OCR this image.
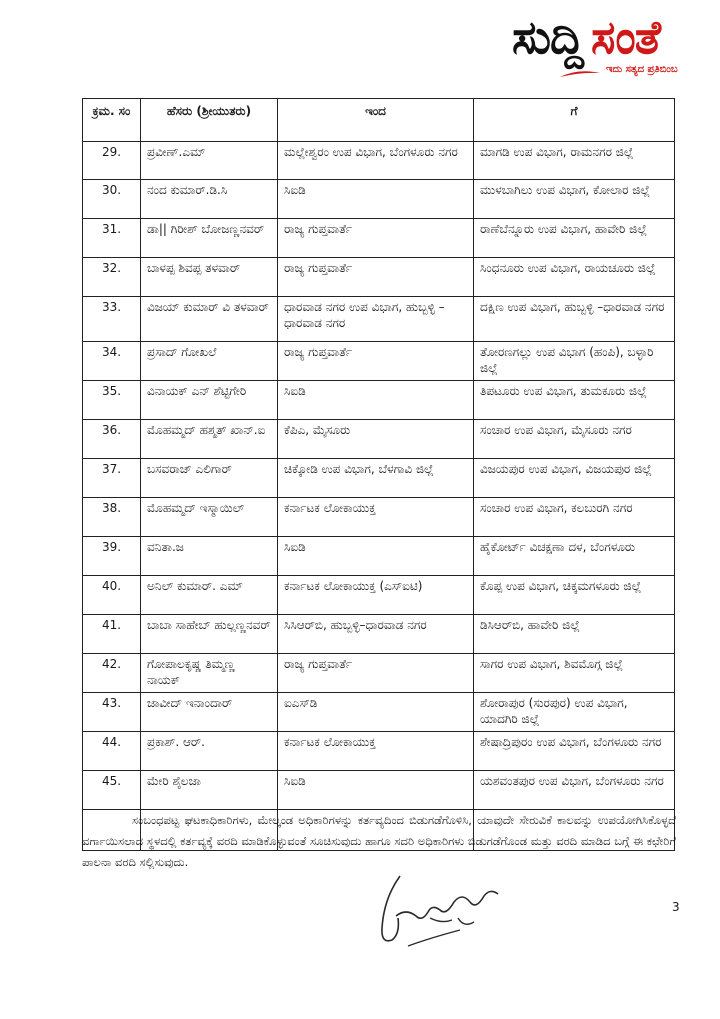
ಸುದ್ದಿ ಸಂತೆ
ಇದು ಸತ್ಯದ ಪ್ರತಿಬಿಂಬ
ಕ್ರಮ. ಸಂ	ಹೆಸರು (ಶ್ರೀಯುತರು)	ಇಂದ	ಗೆ
29.	ಪ್ರವೀಣ್.ಎಮ್	ಮಲ್ಲೇಶ್ವರಂ ಉಪ ವಿಭಾಗ, ಬೆಂಗಳೂರು ನಗರ	ಮಾಗಡಿ ಉಪ ವಿಭಾಗ, ರಾಮನಗರ ಜಿಲ್ಲೆ
30.	ನಂದ ಕುಮಾರ್.ಡಿ.ಸಿ	ಸಿಐಡಿ	ಮುಳಬಾಗಿಲು ಉಪ ವಿಭಾಗ, ಕೋಲಾರ ಜಿಲ್ಲೆ
31.	ಡಾ|| ಗಿರೀಶ್ ಬೋಜಣ್ಣನವರ್	ರಾಜ್ಯ ಗುಪ್ತವಾರ್ತೆ	ರಾಣೆಬೆನ್ನೂರು ಉಪ ವಿಭಾಗ, ಹಾವೇರಿ ಜಿಲ್ಲೆ
32.	ಬಾಳಪ್ಪ ಶಿವಪ್ಪ ತಳವಾರ್	ರಾಜ್ಯ ಗುಪ್ತವಾರ್ತೆ	ಸಿಂಧನೂರು ಉಪ ವಿಭಾಗ, ರಾಯಚೂರು ಜಿಲ್ಲೆ
33.	ವಿಜಯ್ ಕುಮಾರ್ ವಿ ತಳವಾರ್	ಧಾರವಾಡ ನಗರ ಉಪ ವಿಭಾಗ, ಹುಬ್ಬಳ್ಳಿ –ಧಾರವಾಡ ನಗರ	ದಕ್ಷಿಣ ಉಪ ವಿಭಾಗ, ಹುಬ್ಬಳ್ಳಿ –ಧಾರವಾಡ ನಗರ
34.	ಪ್ರಸಾದ್ ಗೋಖಲೆ	ರಾಜ್ಯ ಗುಪ್ತವಾರ್ತೆ	ತೋರಣಗಲ್ಲು ಉಪ ವಿಭಾಗ (ಹಂಪಿ), ಬಳ್ಳಾರಿ ಜಿಲ್ಲೆ
35.	ವಿನಾಯಕ್ ಎನ್ ಶೆಟ್ಟಿಗೇರಿ	ಸಿಐಡಿ	ತಿಪಟೂರು ಉಪ ವಿಭಾಗ, ತುಮಕೂರು ಜಿಲ್ಲೆ
36.	ಮೊಹಮ್ಮದ್ ಹಶ್ಮತ್ ಖಾನ್.ಐ	ಕೆಪಿಎ, ಮೈಸೂರು	ಸಂಚಾರ ಉಪ ವಿಭಾಗ, ಮೈಸೂರು ನಗರ
37.	ಬಸವರಾಜ್ ಎಲಿಗಾರ್	ಚಿಕ್ಕೋಡಿ ಉಪ ವಿಭಾಗ, ಬೆಳಗಾವಿ ಜಿಲ್ಲೆ	ವಿಜಯಪುರ ಉಪ ವಿಭಾಗ, ವಿಜಯಪುರ ಜಿಲ್ಲೆ
38.	ಮೊಹಮ್ಮದ್ ಇಸ್ಮಾಯಿಲ್	ಕರ್ನಾಟಕ ಲೋಕಾಯುಕ್ತ	ಸಂಚಾರ ಉಪ ವಿಭಾಗ, ಕಲಬುರಗಿ ನಗರ
39.	ವನಿತಾ.ಜ	ಸಿಐಡಿ	ಹೈಕೋರ್ಟ್ ವಿಚಕ್ಷಣಾ ದಳ, ಬೆಂಗಳೂರು
40.	ಅನಿಲ್ ಕುಮಾರ್. ಎಮ್	ಕರ್ನಾಟಕ ಲೋಕಾಯುಕ್ತ (ಎಸ್‌ಐಟಿ)	ಕೊಪ್ಪ ಉಪ ವಿಭಾಗ, ಚಿಕ್ಕಮಗಳೂರು ಜಿಲ್ಲೆ
41.	ಬಾಬಾ ಸಾಹೇಬ್ ಹುಲ್ಲಣ್ಣನವರ್	ಸಿಸಿಆರ್‌ಬಿ, ಹುಬ್ಬಳ್ಳಿ–ಧಾರವಾಡ ನಗರ	ಡಿಸಿಆರ್‌ಬಿ, ಹಾವೇರಿ ಜಿಲ್ಲೆ
42.	ಗೋಪಾಲಕೃಷ್ಣ ತಿಮ್ಮಣ್ಣ ನಾಯಕ್	ರಾಜ್ಯ ಗುಪ್ತವಾರ್ತೆ	ಸಾಗರ ಉಪ ವಿಭಾಗ, ಶಿವಮೊಗ್ಗ ಜಿಲ್ಲೆ
43.	ಜಾವೀದ್ ಇನಾಂದಾರ್	ಐಎಸ್‌ಡಿ	ಶೋರಾಪುರ (ಸುರಪುರ) ಉಪ ವಿಭಾಗ, ಯಾದಗಿರಿ ಜಿಲ್ಲೆ
44.	ಪ್ರಕಾಶ್. ಆರ್.	ಕರ್ನಾಟಕ ಲೋಕಾಯುಕ್ತ	ಶೇಷಾದ್ರಿಪುರಂ ಉಪ ವಿಭಾಗ, ಬೆಂಗಳೂರು ನಗರ
45.	ಮೇರಿ ಶೈಲಜಾ	ಸಿಐಡಿ	ಯಶವಂತಪುರ ಉಪ ವಿಭಾಗ, ಬೆಂಗಳೂರು ನಗರ

ಸಂಬಂಧಪಟ್ಟ ಘಟಕಾಧಿಕಾರಿಗಳು, ಮೇಲ್ಕಂಡ ಅಧಿಕಾರಿಗಳನ್ನು ಕರ್ತವ್ಯದಿಂದ ಬಿಡುಗಡೆಗೊಳಿಸಿ, ಯಾವುದೇ ಸೇರುವಿಕೆ ಕಾಲವನ್ನು ಉಪಯೋಗಿಸಿಕೊಳ್ಳದೆ ವರ್ಗಾಯಿಸಲಾದ ಸ್ಥಳದಲ್ಲಿ ಕರ್ತವ್ಯಕ್ಕೆ ವರದಿ ಮಾಡಿಕೊಳ್ಳುವಂತೆ ಸೂಚಿಸುವುದು ಹಾಗೂ ಸದರಿ ಅಧಿಕಾರಿಗಳು ಬಿಡುಗಡೆಗೊಂಡ ಮತ್ತು ವರದಿ ಮಾಡಿದ ಬಗ್ಗೆ ಈ ಕಛೇರಿಗೆ ಪಾಲನಾ ವರದಿ ಸಲ್ಲಿಸುವುದು.

3
